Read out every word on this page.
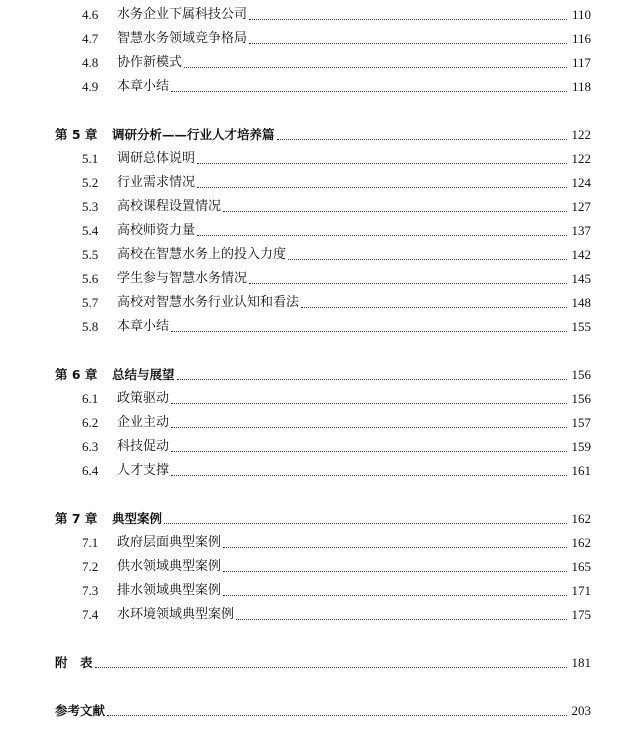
4.6 水务企业下属科技公司	110
4.7 智慧水务领域竞争格局	116
4.8 协作新模式	117
4.9 本章小结	118
第 5 章 调研分析——行业人才培养篇	122
5.1 调研总体说明	122
5.2 行业需求情况	124
5.3 高校课程设置情况	127
5.4 高校师资力量	137
5.5 高校在智慧水务上的投入力度	142
5.6 学生参与智慧水务情况	145
5.7 高校对智慧水务行业认知和看法	148
5.8 本章小结	155
第 6 章 总结与展望	156
6.1 政策驱动	156
6.2 企业主动	157
6.3 科技促动	159
6.4 人才支撑	161
第 7 章 典型案例	162
7.1 政府层面典型案例	162
7.2 供水领域典型案例	165
7.3 排水领域典型案例	171
7.4 水环境领域典型案例	175
附　表	181
参考文献	203
